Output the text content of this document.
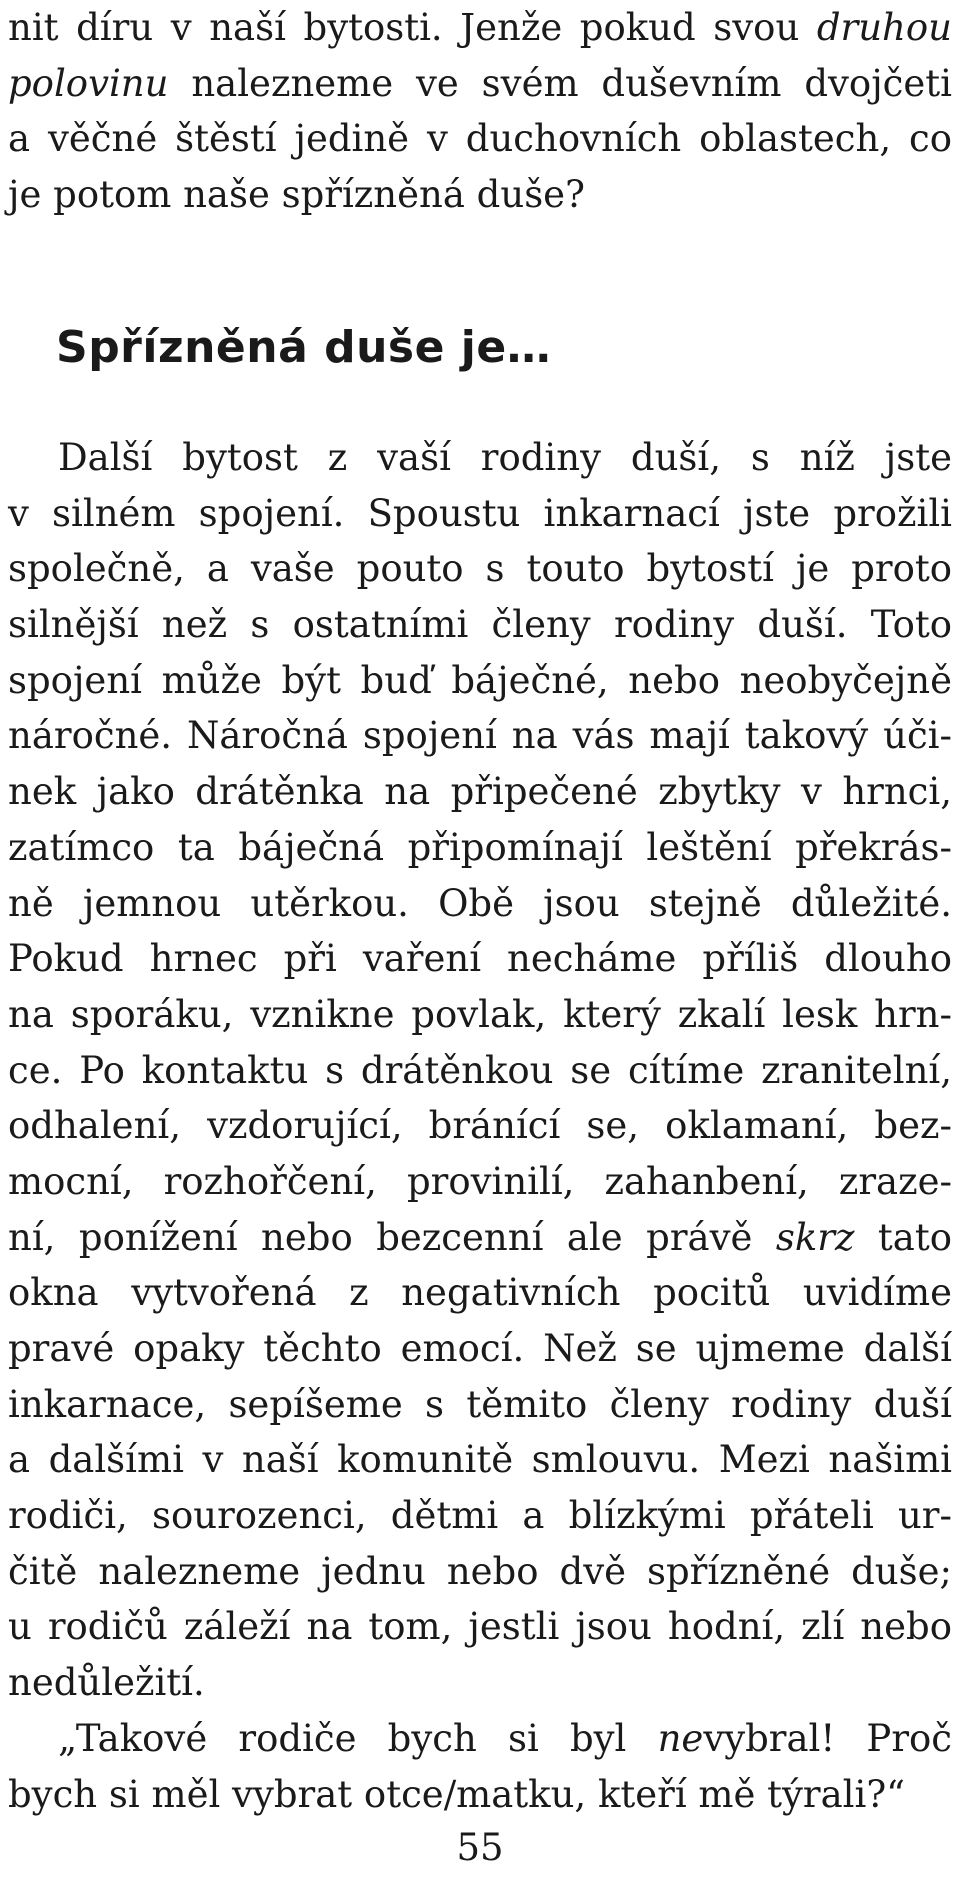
nit díru v naší bytosti. Jenže pokud svou druhou
polovinu nalezneme ve svém duševním dvojčeti
a věčné štěstí jedině v duchovních oblastech, co
je potom naše spřízněná duše?
Spřízněná duše je…
Další bytost z vaší rodiny duší, s níž jste
v silném spojení. Spoustu inkarnací jste prožili
společně, a vaše pouto s touto bytostí je proto
silnější než s ostatními členy rodiny duší. Toto
spojení může být buď báječné, nebo neobyčejně
náročné. Náročná spojení na vás mají takový úči-
nek jako drátěnka na připečené zbytky v hrnci,
zatímco ta báječná připomínají leštění překrás-
ně jemnou utěrkou. Obě jsou stejně důležité.
Pokud hrnec při vaření necháme příliš dlouho
na sporáku, vznikne povlak, který zkalí lesk hrn-
ce. Po kontaktu s drátěnkou se cítíme zranitelní,
odhalení, vzdorující, bránící se, oklamaní, bez-
mocní, rozhořčení, provinilí, zahanbení, zraze-
ní, ponížení nebo bezcenní ale právě skrz tato
okna vytvořená z negativních pocitů uvidíme
pravé opaky těchto emocí. Než se ujmeme další
inkarnace, sepíšeme s těmito členy rodiny duší
a dalšími v naší komunitě smlouvu. Mezi našimi
rodiči, sourozenci, dětmi a blízkými přáteli ur-
čitě nalezneme jednu nebo dvě spřízněné duše;
u rodičů záleží na tom, jestli jsou hodní, zlí nebo
nedůležití.
„Takové rodiče bych si byl nevybral! Proč
bych si měl vybrat otce/matku, kteří mě týrali?“
55
